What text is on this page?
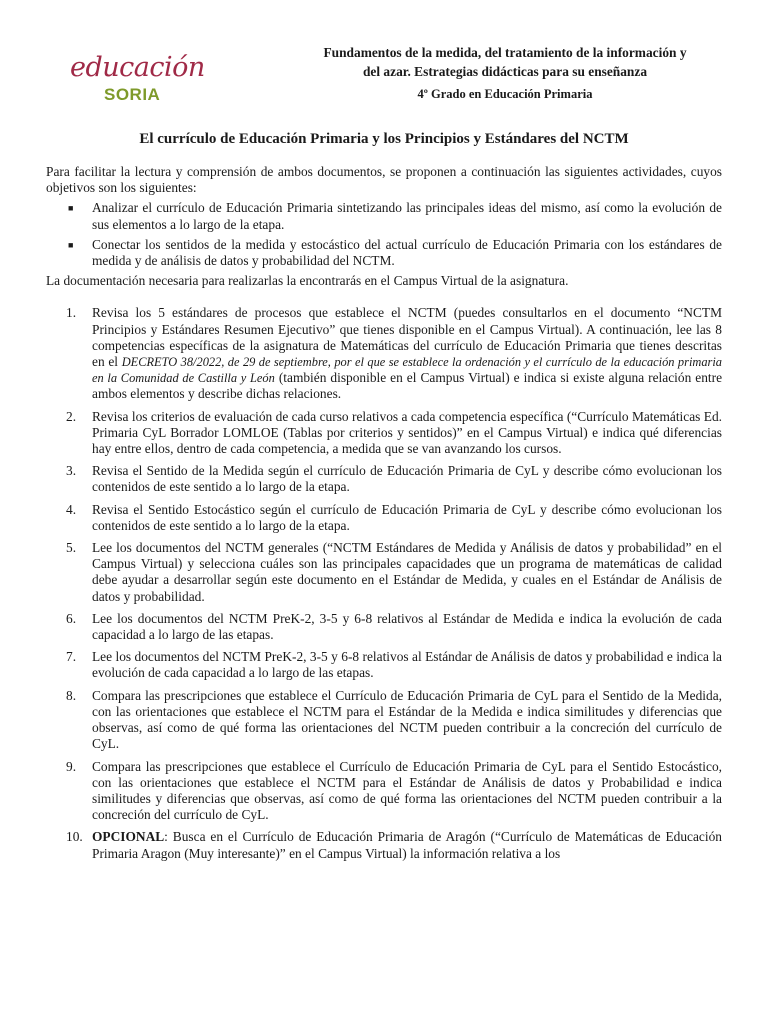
educación
SORIA
Fundamentos de la medida, del tratamiento de la información y
del azar. Estrategias didácticas para su enseñanza
4º Grado en Educación Primaria
El currículo de Educación Primaria y los Principios y Estándares del NCTM

Para facilitar la lectura y comprensión de ambos documentos, se proponen a continuación las siguientes actividades, cuyos objetivos son los siguientes:

■ Analizar el currículo de Educación Primaria sintetizando las principales ideas del mismo, así como la evolución de sus elementos a lo largo de la etapa.
■ Conectar los sentidos de la medida y estocástico del actual currículo de Educación Primaria con los estándares de medida y de análisis de datos y probabilidad del NCTM.

La documentación necesaria para realizarlas la encontrarás en el Campus Virtual de la asignatura.

1. Revisa los 5 estándares de procesos que establece el NCTM (puedes consultarlos en el documento “NCTM Principios y Estándares Resumen Ejecutivo” que tienes disponible en el Campus Virtual). A continuación, lee las 8 competencias específicas de la asignatura de Matemáticas del currículo de Educación Primaria que tienes descritas en el DECRETO 38/2022, de 29 de septiembre, por el que se establece la ordenación y el currículo de la educación primaria en la Comunidad de Castilla y León (también disponible en el Campus Virtual) e indica si existe alguna relación entre ambos elementos y describe dichas relaciones.
2. Revisa los criterios de evaluación de cada curso relativos a cada competencia específica (“Currículo Matemáticas Ed. Primaria CyL Borrador LOMLOE (Tablas por criterios y sentidos)” en el Campus Virtual) e indica qué diferencias hay entre ellos, dentro de cada competencia, a medida que se van avanzando los cursos.
3. Revisa el Sentido de la Medida según el currículo de Educación Primaria de CyL y describe cómo evolucionan los contenidos de este sentido a lo largo de la etapa.
4. Revisa el Sentido Estocástico según el currículo de Educación Primaria de CyL y describe cómo evolucionan los contenidos de este sentido a lo largo de la etapa.
5. Lee los documentos del NCTM generales (“NCTM Estándares de Medida y Análisis de datos y probabilidad” en el Campus Virtual) y selecciona cuáles son las principales capacidades que un programa de matemáticas de calidad debe ayudar a desarrollar según este documento en el Estándar de Medida, y cuales en el Estándar de Análisis de datos y probabilidad.
6. Lee los documentos del NCTM PreK-2, 3-5 y 6-8 relativos al Estándar de Medida e indica la evolución de cada capacidad a lo largo de las etapas.
7. Lee los documentos del NCTM PreK-2, 3-5 y 6-8 relativos al Estándar de Análisis de datos y probabilidad e indica la evolución de cada capacidad a lo largo de las etapas.
8. Compara las prescripciones que establece el Currículo de Educación Primaria de CyL para el Sentido de la Medida, con las orientaciones que establece el NCTM para el Estándar de la Medida e indica similitudes y diferencias que observas, así como de qué forma las orientaciones del NCTM pueden contribuir a la concreción del currículo de CyL.
9. Compara las prescripciones que establece el Currículo de Educación Primaria de CyL para el Sentido Estocástico, con las orientaciones que establece el NCTM para el Estándar de Análisis de datos y Probabilidad e indica similitudes y diferencias que observas, así como de qué forma las orientaciones del NCTM pueden contribuir a la concreción del currículo de CyL.
10. OPCIONAL: Busca en el Currículo de Educación Primaria de Aragón (“Currículo de Matemáticas de Educación Primaria Aragon (Muy interesante)” en el Campus Virtual) la información relativa a los
